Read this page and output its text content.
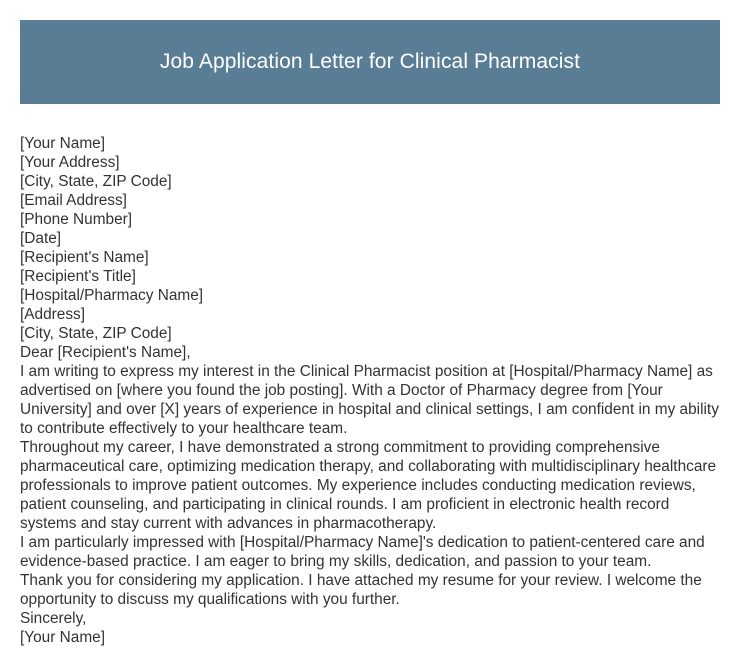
Job Application Letter for Clinical Pharmacist
[Your Name]
[Your Address]
[City, State, ZIP Code]
[Email Address]
[Phone Number]
[Date]
[Recipient's Name]
[Recipient's Title]
[Hospital/Pharmacy Name]
[Address]
[City, State, ZIP Code]
Dear [Recipient's Name],

I am writing to express my interest in the Clinical Pharmacist position at [Hospital/Pharmacy Name] as advertised on [where you found the job posting]. With a Doctor of Pharmacy degree from [Your University] and over [X] years of experience in hospital and clinical settings, I am confident in my ability to contribute effectively to your healthcare team.

Throughout my career, I have demonstrated a strong commitment to providing comprehensive pharmaceutical care, optimizing medication therapy, and collaborating with multidisciplinary healthcare professionals to improve patient outcomes. My experience includes conducting medication reviews, patient counseling, and participating in clinical rounds. I am proficient in electronic health record systems and stay current with advances in pharmacotherapy.

I am particularly impressed with [Hospital/Pharmacy Name]'s dedication to patient-centered care and evidence-based practice. I am eager to bring my skills, dedication, and passion to your team.

Thank you for considering my application. I have attached my resume for your review. I welcome the opportunity to discuss my qualifications with you further.

Sincerely,
[Your Name]
